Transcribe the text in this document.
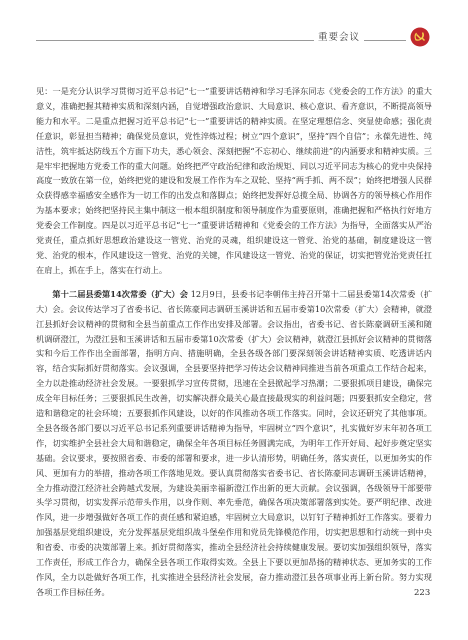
重要会议

见：一是充分认识学习贯彻习近平总书记“七一”重要讲话精神和学习毛泽东同志《党委会的工作方法》的重大意义，准确把握其精神实质和深刻内涵，自觉增强政治意识、大局意识、核心意识、看齐意识，不断提高领导能力和水平。二是重点把握习近平总书记“七一”重要讲话的精神实质。在坚定理想信念、突显使命感；强化责任意识，彰显担当精神；确保党员意识，党性淬炼过程；树立“四个意识”，坚持“四个自信”；永葆先进性、纯洁性，筑牢抵达防线五个方面下功夫，悉心领会、深刻把握“不忘初心、继续前进”的内涵要求和精神实质。三是牢牢把握地方党委工作的重大问题。始终把严守政治纪律和政治规矩、同以习近平同志为核心的党中央保持高度一致放在第一位，始终把党的建设和发展工作作为车之双轮、坚持“两手抓、两不误”；始终把增强人民群众获得感幸福感安全感作为一切工作的出发点和落脚点；始终把发挥好总揽全局、协调各方的领导核心作用作为基本要求；始终把坚持民主集中制这一根本组织制度和领导制度作为重要原则，准确把握和严格执行好地方党委会工作制度。四是以习近平总书记“七一”重要讲话精神和《党委会的工作方法》为指导，全面落实从严治党责任，重点抓好思想政治建设这一管党、治党的灵魂，组织建设这一管党、治党的基础，制度建设这一管党、治党的根本，作风建设这一管党、治党的关键，作风建设这一管党、治党的保证，切实把管党治党责任扛在肩上，抓在手上，落实在行动上。

第十二届县委第14次常委（扩大）会 12月9日，县委书记李朝伟主持召开第十二届县委第14次常委（扩大）会。会议传达学习了省委书记、省长陈豪同志调研玉溪讲话和五届市委第10次常委（扩大）会精神，就澄江县抓好会议精神的贯彻和全县当前重点工作作出安排及部署。会议指出，省委书记、省长陈豪调研玉溪和随机调研澄江，为澄江县和玉溪讲话和五届市委第10次常委（扩大）会议精神，就澄江县抓好会议精神的贯彻落实和今后工作作出全面部署，指明方向、措施明确，全县各级各部门要深刻领会讲话精神实质、吃透讲话内容，结合实际抓好贯彻落实。会议强调，全县要坚持把学习传达会议精神同推进当前各项重点工作结合起来，全力以赴推动经济社会发展。一要狠抓学习宣传贯彻，迅速在全县掀起学习热潮；二要狠抓项目建设，确保完成全年目标任务；三要狠抓民生改善，切实解决群众最关心最直接最现实的利益问题；四要狠抓安全稳定，营造和谐稳定的社会环境；五要狠抓作风建设，以好的作风推动各项工作落实。同时，会议还研究了其他事项。全县各级各部门要以习近平总书记系列重要讲话精神为指导，牢固树立“四个意识”，扎实做好岁末年初各项工作，切实维护全县社会大局和谐稳定，确保全年各项目标任务圆满完成，为明年工作开好局、起好步奠定坚实基础。会议要求，要按照省委、市委的部署和要求，进一步认清形势，明确任务，落实责任，以更加务实的作风、更加有力的举措，推动各项工作落地见效。要认真贯彻落实省委书记、省长陈豪同志调研玉溪讲话精神，全力推动澄江经济社会跨越式发展，为建设美丽幸福新澄江作出新的更大贡献。会议强调，各级领导干部要带头学习贯彻，切实发挥示范带头作用，以身作则、率先垂范，确保各项决策部署落到实处。要严明纪律、改进作风，进一步增强做好各项工作的责任感和紧迫感，牢固树立大局意识，以钉钉子精神抓好工作落实。要着力加强基层党组织建设，充分发挥基层党组织战斗堡垒作用和党员先锋模范作用，切实把思想和行动统一到中央和省委、市委的决策部署上来。抓好贯彻落实，推动全县经济社会持续健康发展。要切实加强组织领导，落实工作责任，形成工作合力，确保全县各项工作取得实效。全县上下要以更加昂扬的精神状态、更加务实的工作作风，全力以赴做好各项工作，扎实推进全县经济社会发展，奋力推动澄江县各项事业再上新台阶。努力实现各项工作目标任务。	223
